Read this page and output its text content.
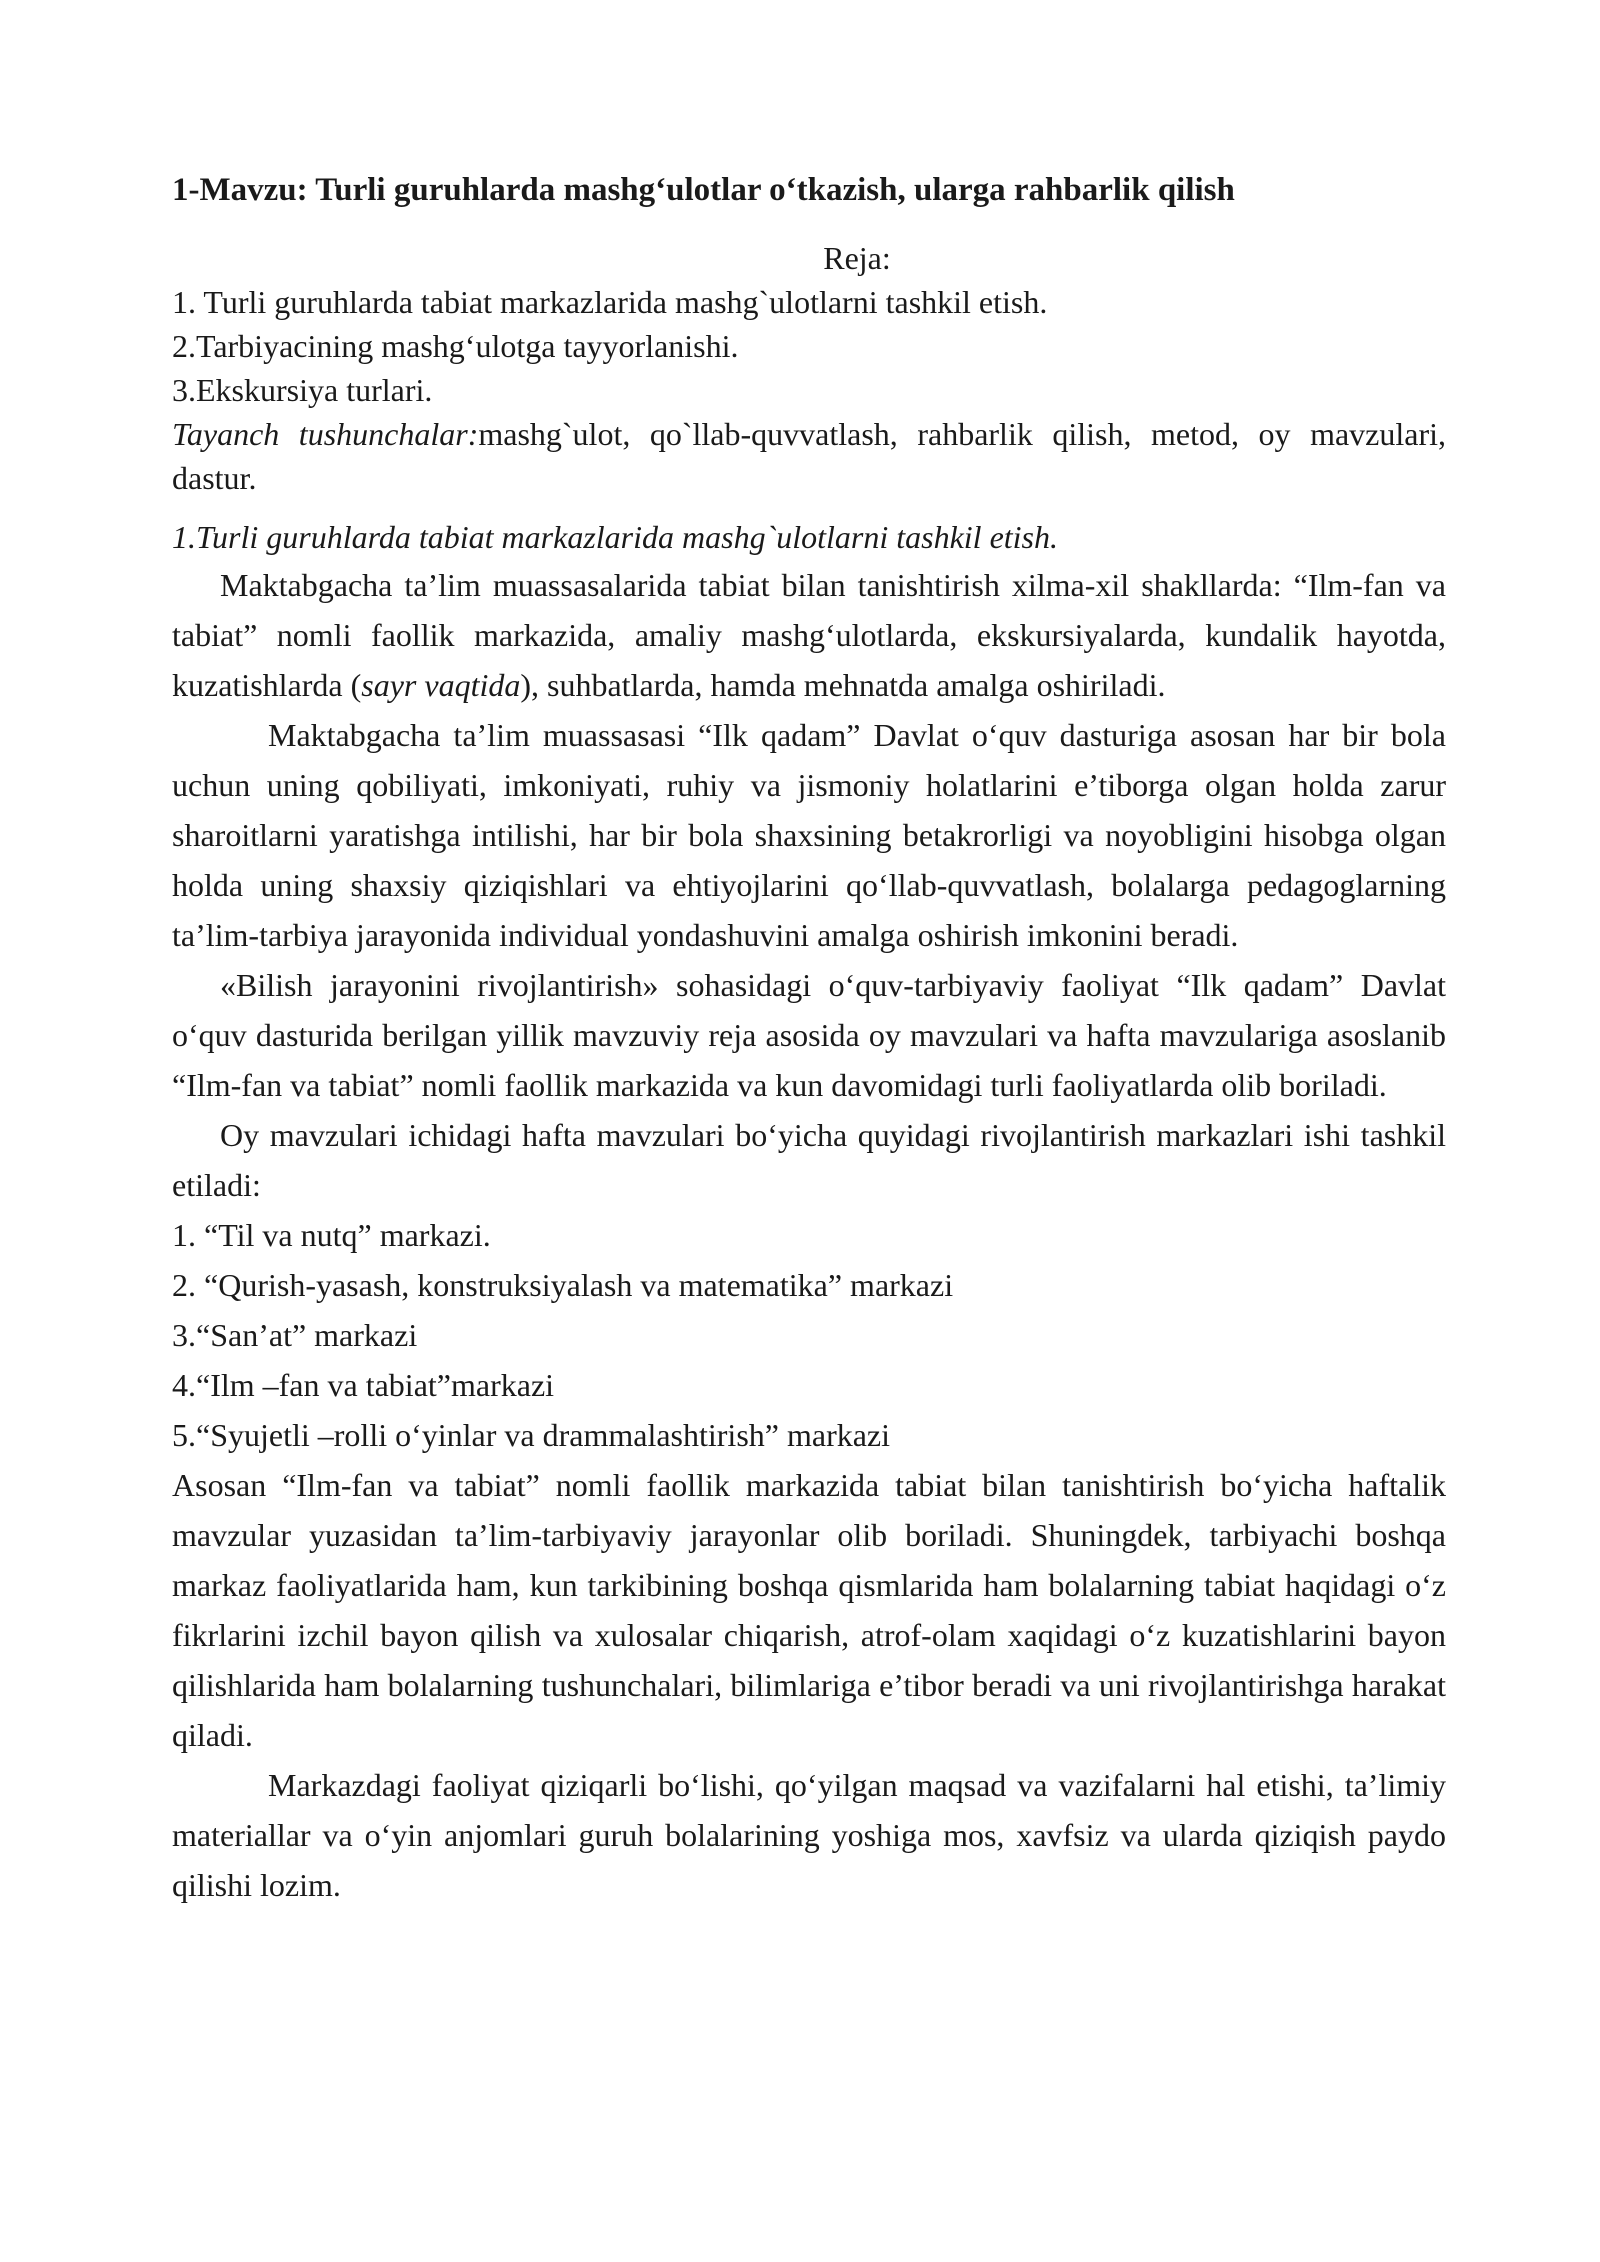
1-Mavzu: Turli guruhlarda mashg‘ulotlar o‘tkazish, ularga rahbarlik qilish

Reja:

1. Turli guruhlarda tabiat markazlarida mashg`ulotlarni tashkil etish.

2.Tarbiyacining mashg‘ulotga tayyorlanishi.

3.Ekskursiya turlari.

Tayanch tushunchalar:mashg`ulot, qo`llab-quvvatlash, rahbarlik qilish, metod, oy mavzulari, dastur.

1.Turli guruhlarda tabiat markazlarida mashg`ulotlarni tashkil etish.

Maktabgacha ta’lim muassasalarida tabiat bilan tanishtirish xilma-xil shakllarda: “Ilm-fan va tabiat” nomli faollik markazida, amaliy mashg‘ulotlarda, ekskursiyalarda, kundalik hayotda, kuzatishlarda (sayr vaqtida), suhbatlarda, hamda mehnatda amalga oshiriladi.

Maktabgacha ta’lim muassasasi “Ilk qadam” Davlat o‘quv dasturiga asosan har bir bola uchun uning qobiliyati, imkoniyati, ruhiy va jismoniy holatlarini e’tiborga olgan holda zarur sharoitlarni yaratishga intilishi, har bir bola shaxsining betakrorligi va noyobligini hisobga olgan holda uning shaxsiy qiziqishlari va ehtiyojlarini qo‘llab-quvvatlash, bolalarga pedagoglarning ta’lim-tarbiya jarayonida individual yondashuvini amalga oshirish imkonini beradi.

«Bilish jarayonini rivojlantirish» sohasidagi o‘quv-tarbiyaviy faoliyat “Ilk qadam” Davlat o‘quv dasturida berilgan yillik mavzuviy reja asosida oy mavzulari va hafta mavzulariga asoslanib “Ilm-fan va tabiat” nomli faollik markazida va kun davomidagi turli faoliyatlarda olib boriladi.

Oy mavzulari ichidagi hafta mavzulari bo‘yicha quyidagi rivojlantirish markazlari ishi tashkil etiladi:

1. “Til va nutq” markazi.

2. “Qurish-yasash, konstruksiyalash va matematika” markazi

3.“San’at” markazi

4.“Ilm –fan va tabiat”markazi

5.“Syujetli –rolli o‘yinlar va drammalashtirish” markazi

Asosan “Ilm-fan va tabiat” nomli faollik markazida tabiat bilan tanishtirish bo‘yicha haftalik mavzular yuzasidan ta’lim-tarbiyaviy jarayonlar olib boriladi. Shuningdek, tarbiyachi boshqa markaz faoliyatlarida ham, kun tarkibining boshqa qismlarida ham bolalarning tabiat haqidagi o‘z fikrlarini izchil bayon qilish va xulosalar chiqarish, atrof-olam xaqidagi o‘z kuzatishlarini bayon qilishlarida ham bolalarning tushunchalari, bilimlariga e’tibor beradi va uni rivojlantirishga harakat qiladi.

Markazdagi faoliyat qiziqarli bo‘lishi, qo‘yilgan maqsad va vazifalarni hal etishi, ta’limiy materiallar va o‘yin anjomlari guruh bolalarining yoshiga mos, xavfsiz va ularda qiziqish paydo qilishi lozim.
